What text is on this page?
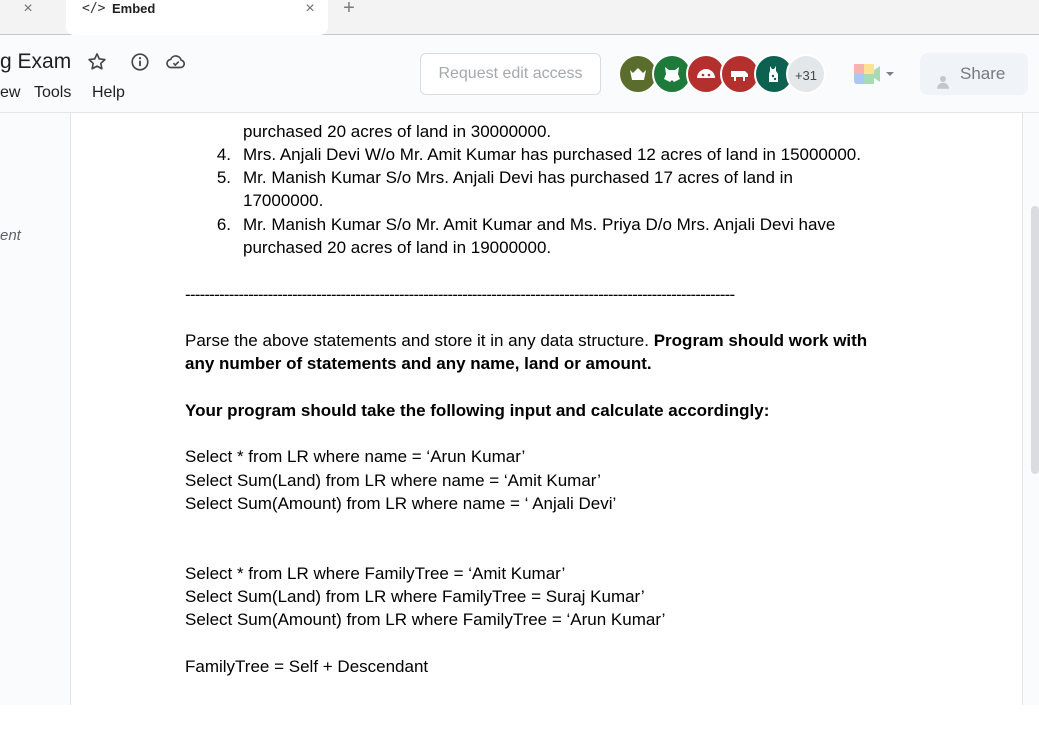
×	</> Embed	× +
g Exam
ew Tools Help
Request edit access	+31	Share
ent
purchased 20 acres of land in 30000000.
4. Mrs. Anjali Devi W/o Mr. Amit Kumar has purchased 12 acres of land in 15000000.
5. Mr. Manish Kumar S/o Mrs. Anjali Devi has purchased 17 acres of land in
17000000.
6. Mr. Manish Kumar S/o Mr. Amit Kumar and Ms. Priya D/o Mrs. Anjali Devi have
purchased 20 acres of land in 19000000.
-----------------------------------------------------------------------------------------------------------------
Parse the above statements and store it in any data structure. Program should work with
any number of statements and any name, land or amount.
Your program should take the following input and calculate accordingly:
Select * from LR where name = ‘Arun Kumar’
Select Sum(Land) from LR where name = ‘Amit Kumar’
Select Sum(Amount) from LR where name = ‘ Anjali Devi’
Select * from LR where FamilyTree = ‘Amit Kumar’
Select Sum(Land) from LR where FamilyTree = Suraj Kumar’
Select Sum(Amount) from LR where FamilyTree = ‘Arun Kumar’
FamilyTree = Self + Descendant
